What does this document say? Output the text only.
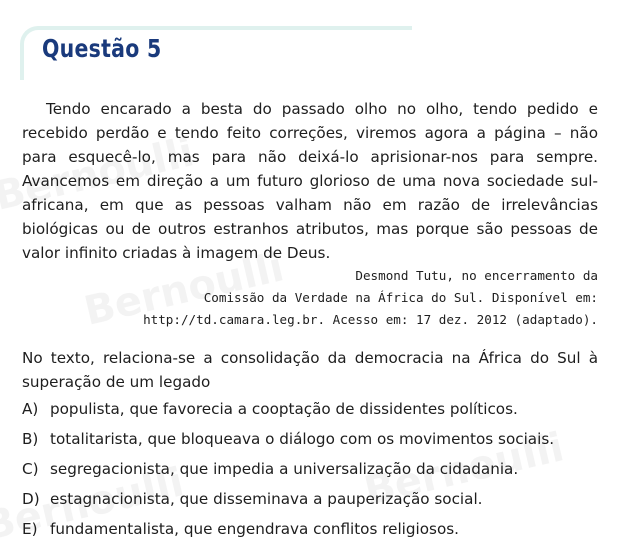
Questão 5

Tendo encarado a besta do passado olho no olho, tendo pedido e recebido perdão e tendo feito correções, viremos agora a página – não para esquecê-lo, mas para não deixá-lo aprisionar-nos para sempre. Avancemos em direção a um futuro glorioso de uma nova sociedade sul-africana, em que as pessoas valham não em razão de irrelevâncias biológicas ou de outros estranhos atributos, mas porque são pessoas de valor infinito criadas à imagem de Deus.

Desmond Tutu, no encerramento da
Comissão da Verdade na África do Sul. Disponível em:
http://td.camara.leg.br. Acesso em: 17 dez. 2012 (adaptado).

No texto, relaciona-se a consolidação da democracia na África do Sul à superação de um legado

A) populista, que favorecia a cooptação de dissidentes políticos.
B) totalitarista, que bloqueava o diálogo com os movimentos sociais.
C) segregacionista, que impedia a universalização da cidadania.
D) estagnacionista, que disseminava a pauperização social.
E) fundamentalista, que engendrava conflitos religiosos.
